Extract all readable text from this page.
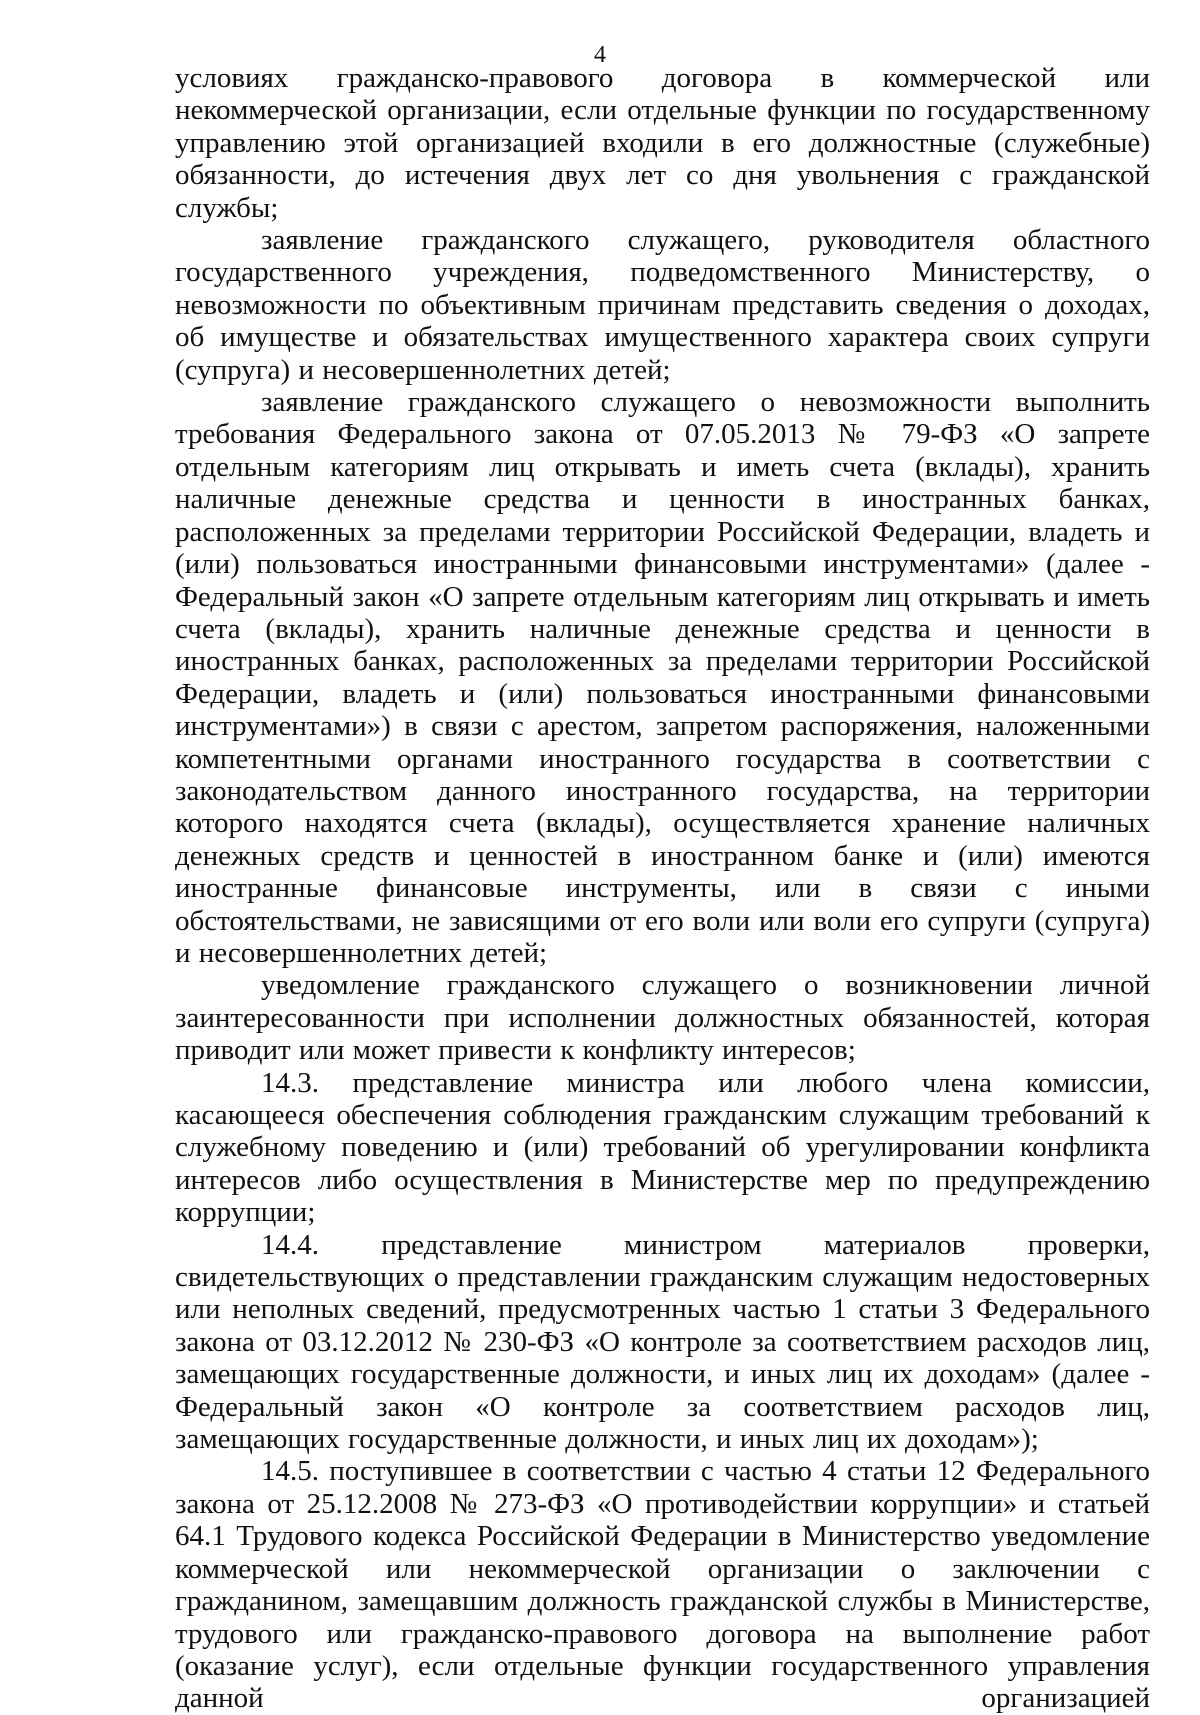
4

условиях гражданско-правового договора в коммерческой или некоммерческой организации, если отдельные функции по государственному управлению этой организацией входили в его должностные (служебные) обязанности, до истечения двух лет со дня увольнения с гражданской службы;

заявление гражданского служащего, руководителя областного государственного учреждения, подведомственного Министерству, о невозможности по объективным причинам представить сведения о доходах, об имуществе и обязательствах имущественного характера своих супруги (супруга) и несовершеннолетних детей;

заявление гражданского служащего о невозможности выполнить требования Федерального закона от 07.05.2013 № 79-ФЗ «О запрете отдельным категориям лиц открывать и иметь счета (вклады), хранить наличные денежные средства и ценности в иностранных банках, расположенных за пределами территории Российской Федерации, владеть и (или) пользоваться иностранными финансовыми инструментами» (далее - Федеральный закон «О запрете отдельным категориям лиц открывать и иметь счета (вклады), хранить наличные денежные средства и ценности в иностранных банках, расположенных за пределами территории Российской Федерации, владеть и (или) пользоваться иностранными финансовыми инструментами») в связи с арестом, запретом распоряжения, наложенными компетентными органами иностранного государства в соответствии с законодательством данного иностранного государства, на территории которого находятся счета (вклады), осуществляется хранение наличных денежных средств и ценностей в иностранном банке и (или) имеются иностранные финансовые инструменты, или в связи с иными обстоятельствами, не зависящими от его воли или воли его супруги (супруга) и несовершеннолетних детей;

уведомление гражданского служащего о возникновении личной заинтересованности при исполнении должностных обязанностей, которая приводит или может привести к конфликту интересов;

14.3. представление министра или любого члена комиссии, касающееся обеспечения соблюдения гражданским служащим требований к служебному поведению и (или) требований об урегулировании конфликта интересов либо осуществления в Министерстве мер по предупреждению коррупции;

14.4. представление министром материалов проверки, свидетельствующих о представлении гражданским служащим недостоверных или неполных сведений, предусмотренных частью 1 статьи 3 Федерального закона от 03.12.2012 № 230-ФЗ «О контроле за соответствием расходов лиц, замещающих государственные должности, и иных лиц их доходам» (далее - Федеральный закон «О контроле за соответствием расходов лиц, замещающих государственные должности, и иных лиц их доходам»);

14.5. поступившее в соответствии с частью 4 статьи 12 Федерального закона от 25.12.2008 № 273-ФЗ «О противодействии коррупции» и статьей 64.1 Трудового кодекса Российской Федерации в Министерство уведомление коммерческой или некоммерческой организации о заключении с гражданином, замещавшим должность гражданской службы в Министерстве, трудового или гражданско-правового договора на выполнение работ (оказание услуг), если отдельные функции государственного управления данной организацией
